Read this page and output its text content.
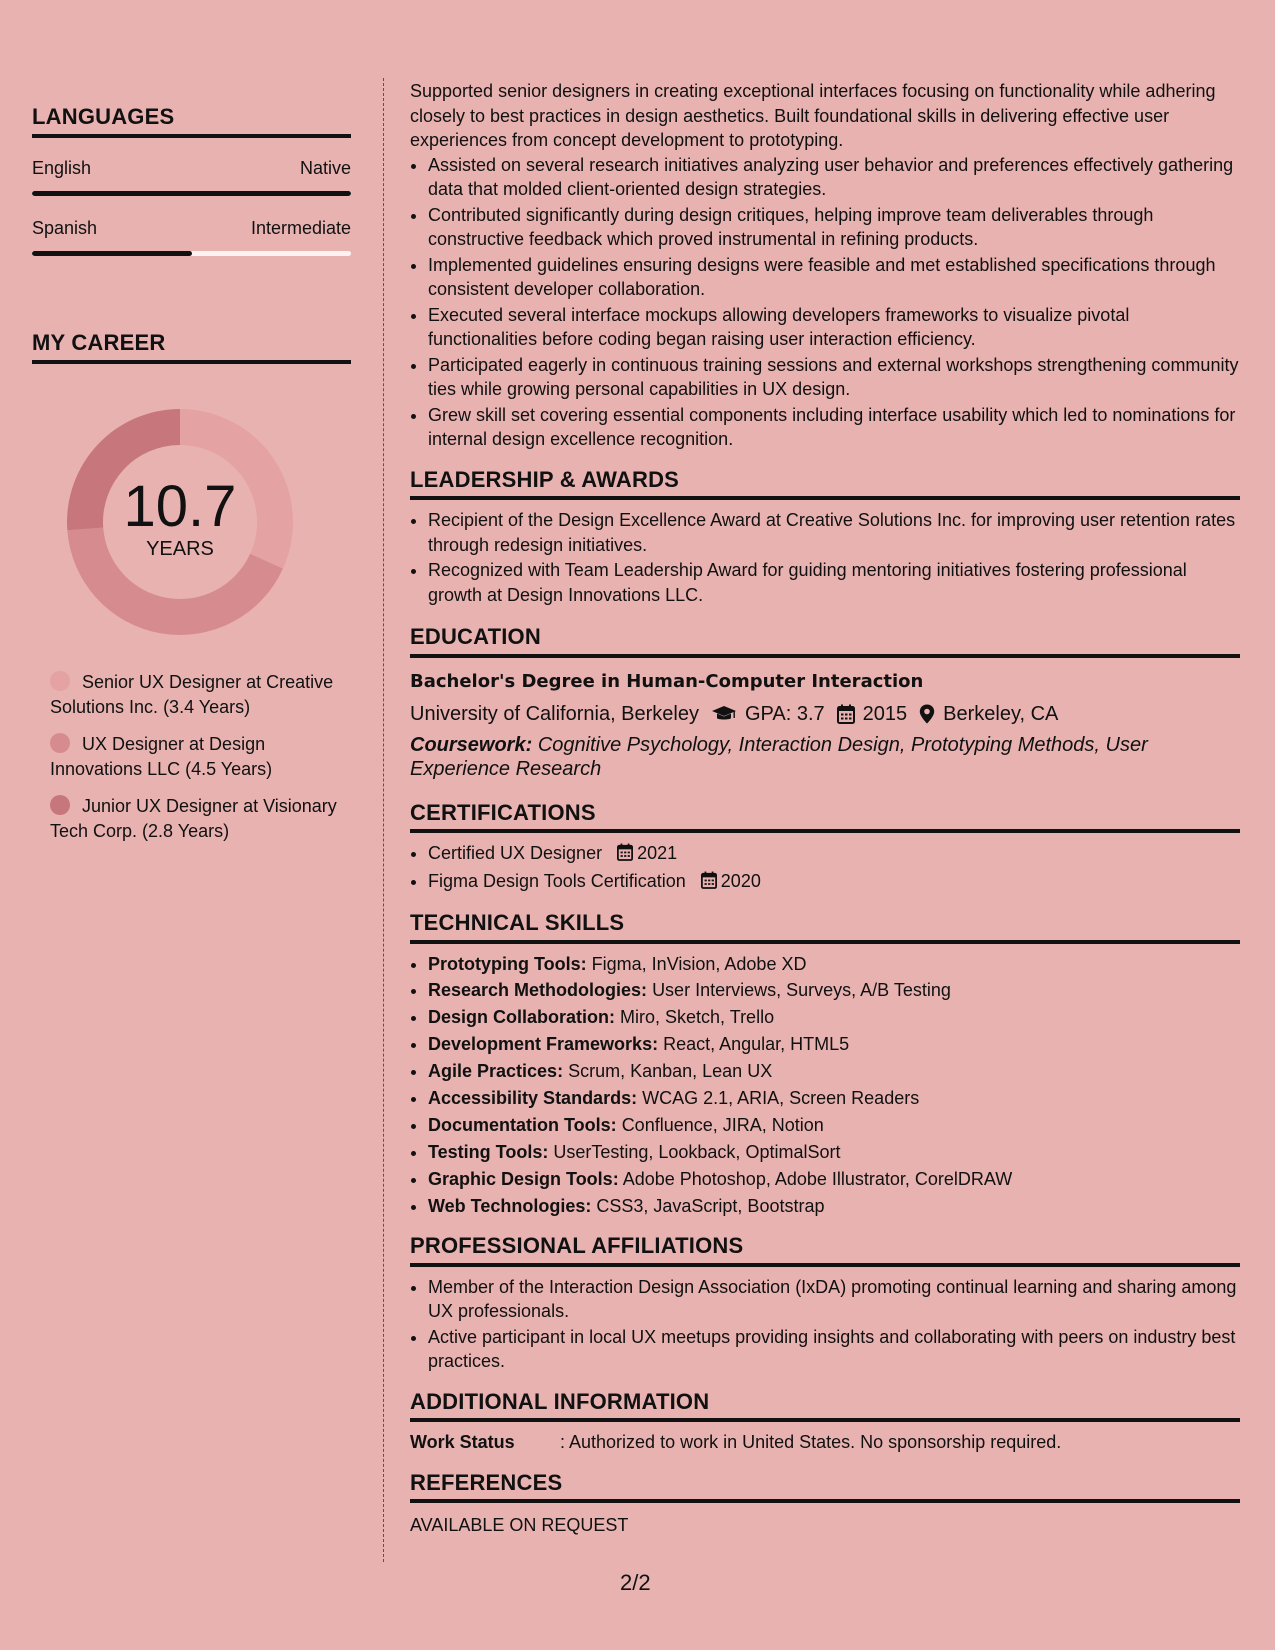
LANGUAGES
English	Native
Spanish	Intermediate
MY CAREER
10.7
YEARS
Senior UX Designer at Creative Solutions Inc. (3.4 Years)
UX Designer at Design Innovations LLC (4.5 Years)
Junior UX Designer at Visionary Tech Corp. (2.8 Years)

Supported senior designers in creating exceptional interfaces focusing on functionality while adhering closely to best practices in design aesthetics. Built foundational skills in delivering effective user experiences from concept development to prototyping.

• Assisted on several research initiatives analyzing user behavior and preferences effectively gathering data that molded client-oriented design strategies.
• Contributed significantly during design critiques, helping improve team deliverables through constructive feedback which proved instrumental in refining products.
• Implemented guidelines ensuring designs were feasible and met established specifications through consistent developer collaboration.
• Executed several interface mockups allowing developers frameworks to visualize pivotal functionalities before coding began raising user interaction efficiency.
• Participated eagerly in continuous training sessions and external workshops strengthening community ties while growing personal capabilities in UX design.
• Grew skill set covering essential components including interface usability which led to nominations for internal design excellence recognition.
LEADERSHIP & AWARDS
• Recipient of the Design Excellence Award at Creative Solutions Inc. for improving user retention rates through redesign initiatives.
• Recognized with Team Leadership Award for guiding mentoring initiatives fostering professional growth at Design Innovations LLC.
EDUCATION
Bachelor's Degree in Human-Computer Interaction
University of California, Berkeley GPA: 3.7 2015 Berkeley, CA
Coursework: Cognitive Psychology, Interaction Design, Prototyping Methods, User Experience Research
CERTIFICATIONS
• Certified UX Designer 2021
• Figma Design Tools Certification 2020
TECHNICAL SKILLS
• Prototyping Tools: Figma, InVision, Adobe XD
• Research Methodologies: User Interviews, Surveys, A/B Testing
• Design Collaboration: Miro, Sketch, Trello
• Development Frameworks: React, Angular, HTML5
• Agile Practices: Scrum, Kanban, Lean UX
• Accessibility Standards: WCAG 2.1, ARIA, Screen Readers
• Documentation Tools: Confluence, JIRA, Notion
• Testing Tools: UserTesting, Lookback, OptimalSort
• Graphic Design Tools: Adobe Photoshop, Adobe Illustrator, CorelDRAW
• Web Technologies: CSS3, JavaScript, Bootstrap
PROFESSIONAL AFFILIATIONS
• Member of the Interaction Design Association (IxDA) promoting continual learning and sharing among UX professionals.
• Active participant in local UX meetups providing insights and collaborating with peers on industry best practices.
ADDITIONAL INFORMATION
Work Status	: Authorized to work in United States. No sponsorship required.
REFERENCES
AVAILABLE ON REQUEST
2/2
